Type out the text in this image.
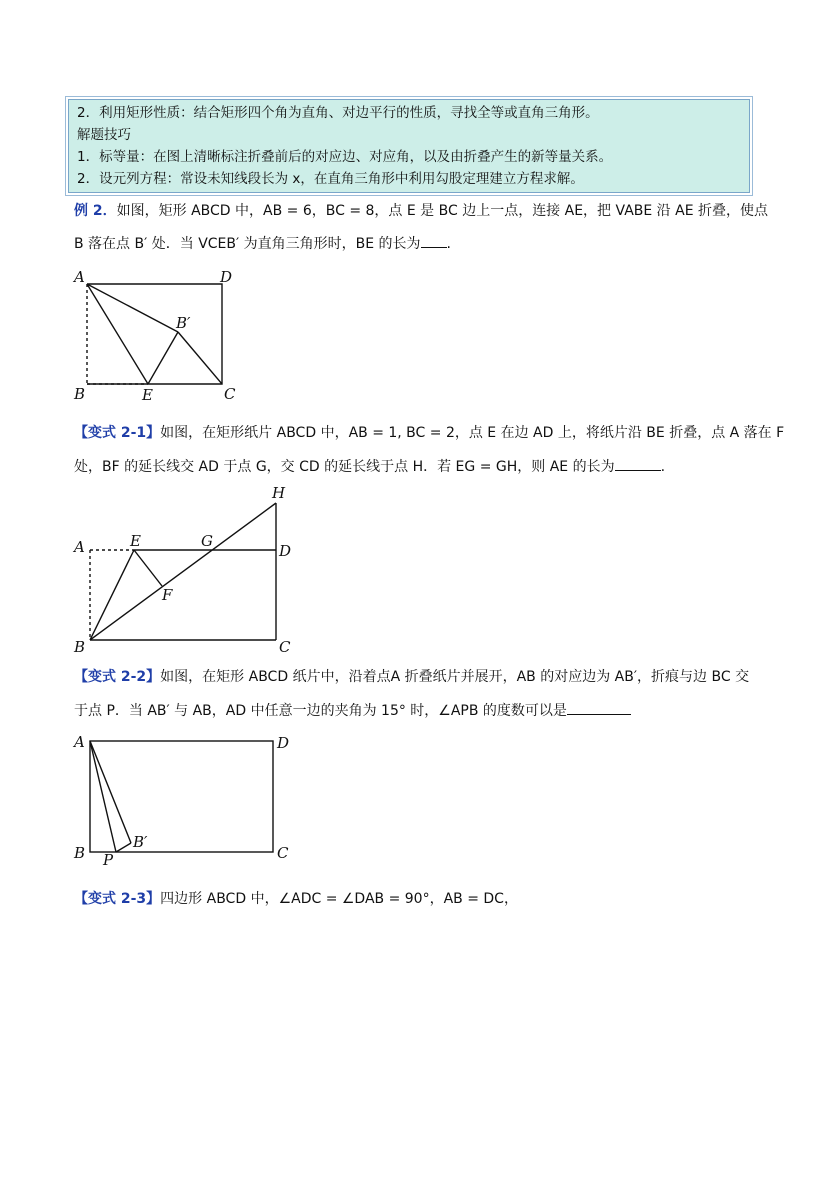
2．利用矩形性质：结合矩形四个角为直角、对边平行的性质，寻找全等或直角三角形。
解题技巧
1．标等量：在图上清晰标注折叠前后的对应边、对应角，以及由折叠产生的新等量关系。
2．设元列方程：常设未知线段长为 x，在直角三角形中利用勾股定理建立方程求解。
例 2．如图，矩形 ABCD 中，AB = 6，BC = 8，点 E 是 BC 边上一点，连接 AE，把 VABE 沿 AE 折叠，使点
B 落在点 B′ 处．当 VCEB′ 为直角三角形时，BE 的长为 .
【变式 2-1】如图，在矩形纸片 ABCD 中，AB = 1, BC = 2，点 E 在边 AD 上，将纸片沿 BE 折叠，点 A 落在 F
处，BF 的延长线交 AD 于点 G，交 CD 的延长线于点 H．若 EG = GH，则 AE 的长为	.
【变式 2-2】如图，在矩形 ABCD 纸片中，沿着点A 折叠纸片并展开，AB 的对应边为 AB′，折痕与边 BC 交
于点 P．当 AB′ 与 AB，AD 中任意一边的夹角为 15° 时，∠APB 的度数可以是
【变式 2-3】四边形 ABCD 中，∠ADC = ∠DAB = 90°，AB = DC，
A	D
B′
B	E	C
H
A	E	G
D
F
B	C
A	D
B′
B P	C
